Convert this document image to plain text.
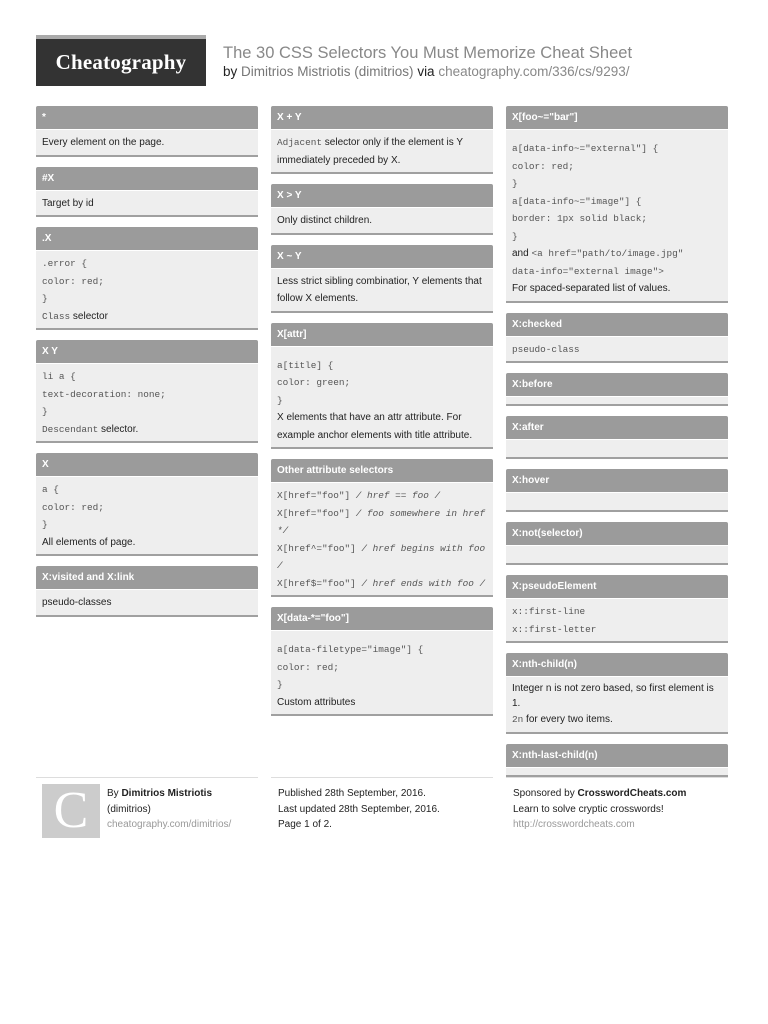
Cheatography	The 30 CSS Selectors You Must Memorize Cheat Sheet
by Dimitrios Mistriotis (dimitrios) via cheatography.com/336/cs/9293/
*
Every element on the page.
#X
Target by id
.X
.error {
color: red;
}
Class selector
X Y
li a {
text-decoration: none;
}
Descendant selector.
X
a {
color: red;
}
All elements of page.
X:visited and X:link
pseudo-classes
X + Y
Adjacent selector only if the element is Y immediately preceded by X.
X > Y
Only distinct children.
X ~ Y
Less strict sibling combinatior, Y elements that follow X elements.
X[attr]
a[title] {
color: green;
}
X elements that have an attr attribute. For example anchor elements with title attribute.
Other attribute selectors
X[href="foo"] / href == foo /
X[href="foo"] / foo somewhere in href */
X[href^="foo"] / href begins with foo /
X[href$="foo"] / href ends with foo /
X[data-*="foo"]
a[data-filetype="image"] {
color: red;
}
Custom attributes
X[foo~="bar"]
a[data-info~="external"] {
color: red;
}
a[data-info~="image"] {
border: 1px solid black;
}
and <a href="path/to/image.jpg"
data-info="external image">
For spaced-separated list of values.
X:checked
pseudo-class
X:before
X:after
X:hover
X:not(selector)
X:pseudoElement
x::first-line
x::first-letter
X:nth-child(n)
Integer n is not zero based, so first element is 1.
2n for every two items.
X:nth-last-child(n)
C	By Dimitrios Mistriotis
(dimitrios)
cheatography.com/dimitrios/
Published 28th September, 2016.
Last updated 28th September, 2016.
Page 1 of 2.
Sponsored by CrosswordCheats.com
Learn to solve cryptic crosswords!
http://crosswordcheats.com
